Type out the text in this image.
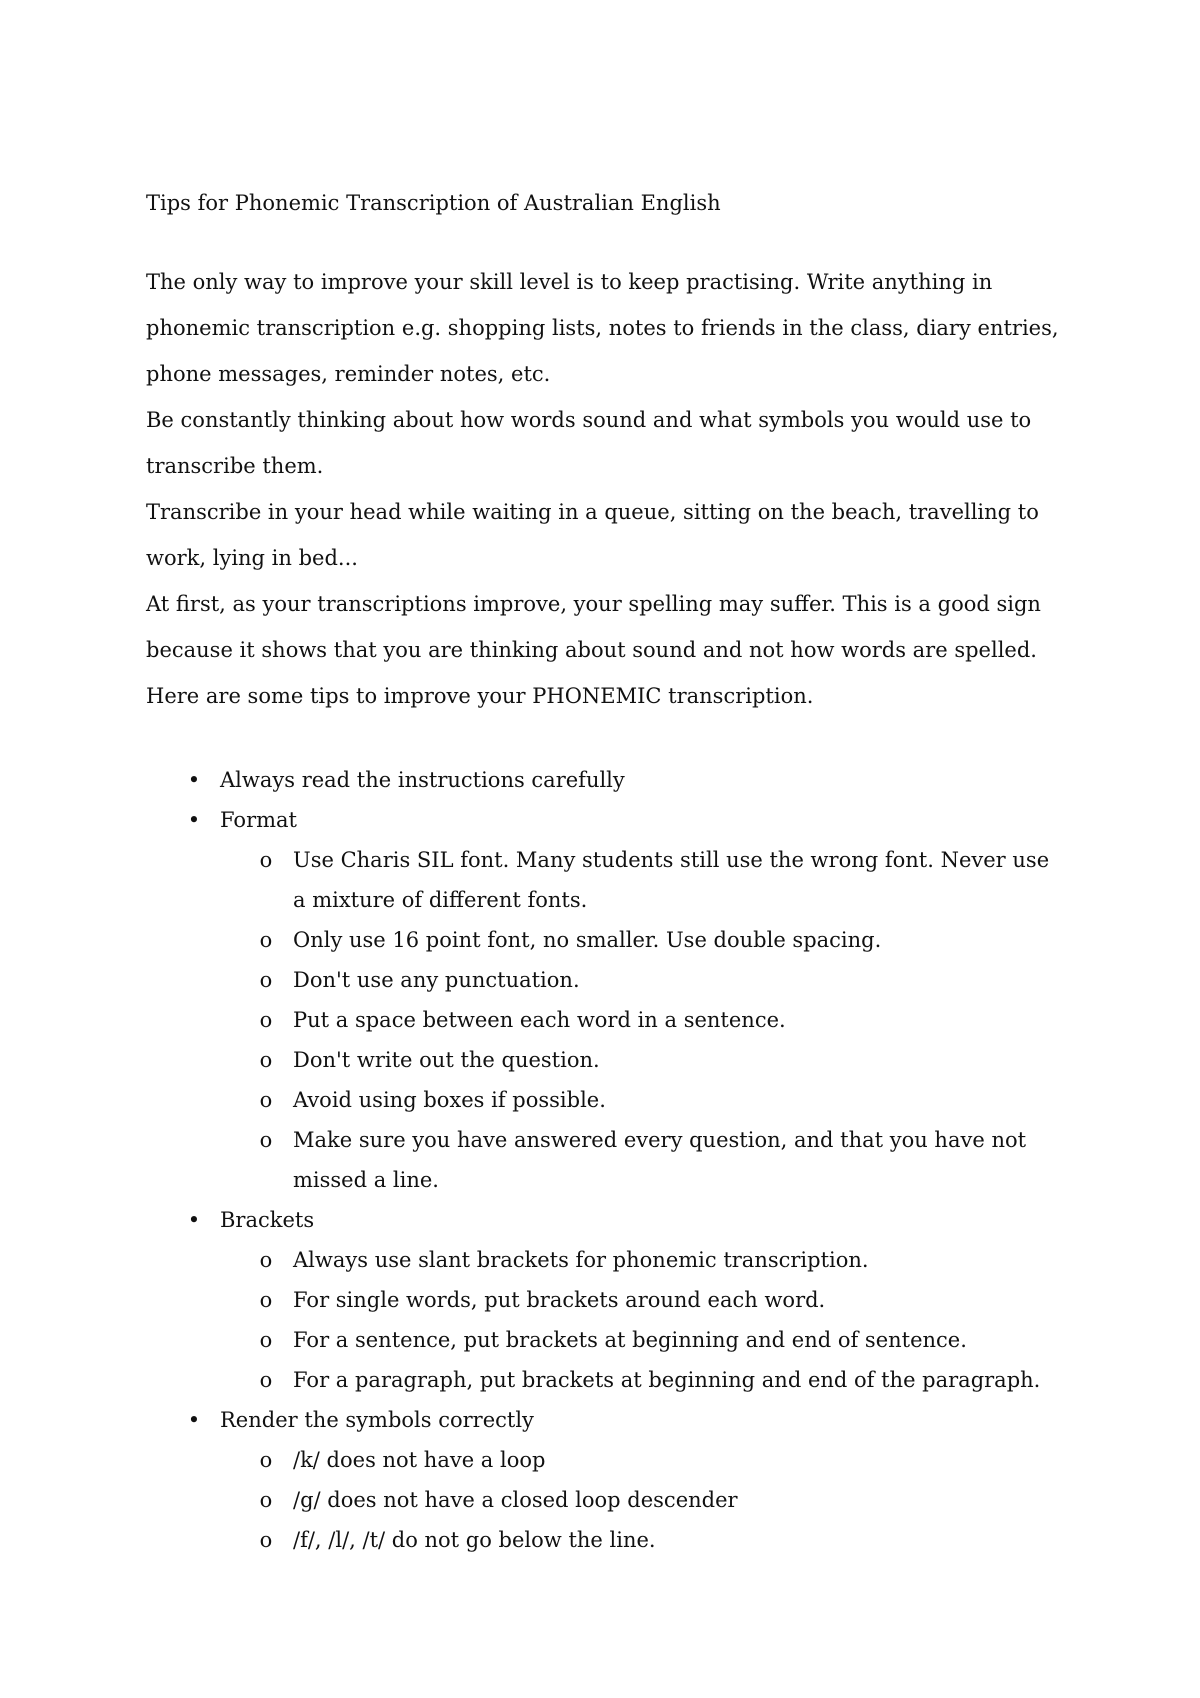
Tips for Phonemic Transcription of Australian English
The only way to improve your skill level is to keep practising. Write anything in
phonemic transcription e.g. shopping lists, notes to friends in the class, diary entries,
phone messages, reminder notes, etc.
Be constantly thinking about how words sound and what symbols you would use to
transcribe them.
Transcribe in your head while waiting in a queue, sitting on the beach, travelling to
work, lying in bed...
At first, as your transcriptions improve, your spelling may suffer. This is a good sign
because it shows that you are thinking about sound and not how words are spelled.
Here are some tips to improve your PHONEMIC transcription.
• Always read the instructions carefully
• Format
o Use Charis SIL font. Many students still use the wrong font. Never use
a mixture of different fonts.
o Only use 16 point font, no smaller. Use double spacing.
o Don't use any punctuation.
o Put a space between each word in a sentence.
o Don't write out the question.
o Avoid using boxes if possible.
o Make sure you have answered every question, and that you have not
missed a line.
• Brackets
o Always use slant brackets for phonemic transcription.
o For single words, put brackets around each word.
o For a sentence, put brackets at beginning and end of sentence.
o For a paragraph, put brackets at beginning and end of the paragraph.
• Render the symbols correctly
o /k/ does not have a loop
o /g/ does not have a closed loop descender
o /f/, /l/, /t/ do not go below the line.
